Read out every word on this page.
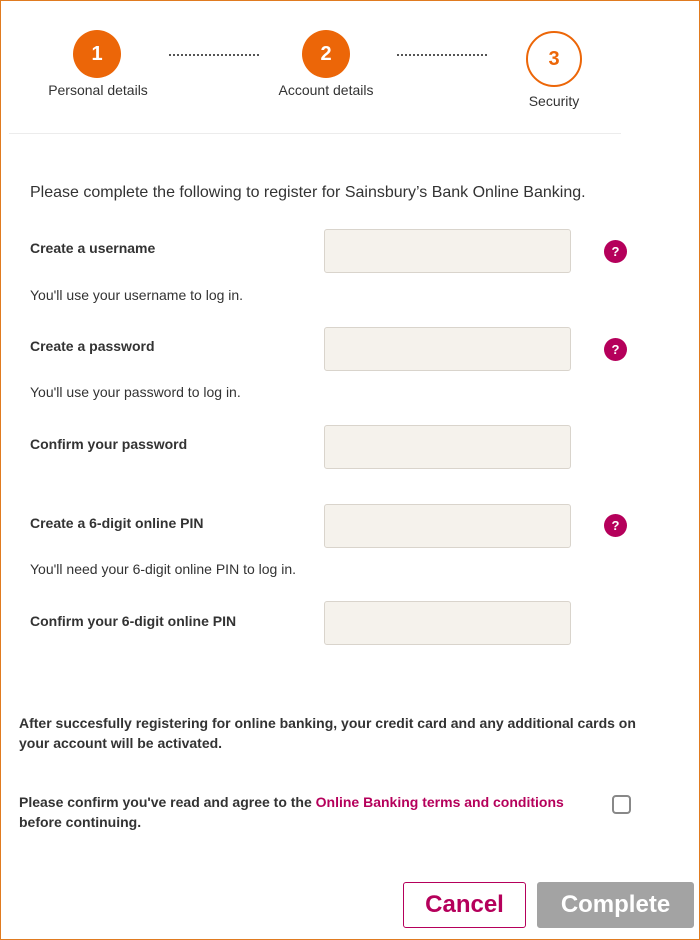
1
Personal details
2
Account details
3
Security
Please complete the following to register for Sainsbury’s Bank Online Banking.
Create a username	?
You'll use your username to log in.
Create a password	?
You'll use your password to log in.
Confirm your password
Create a 6-digit online PIN	?
You'll need your 6-digit online PIN to log in.
Confirm your 6-digit online PIN
After succesfully registering for online banking, your credit card and any additional cards on your account will be activated.
Please confirm you've read and agree to the Online Banking terms and conditions before continuing.
Cancel	Complete
